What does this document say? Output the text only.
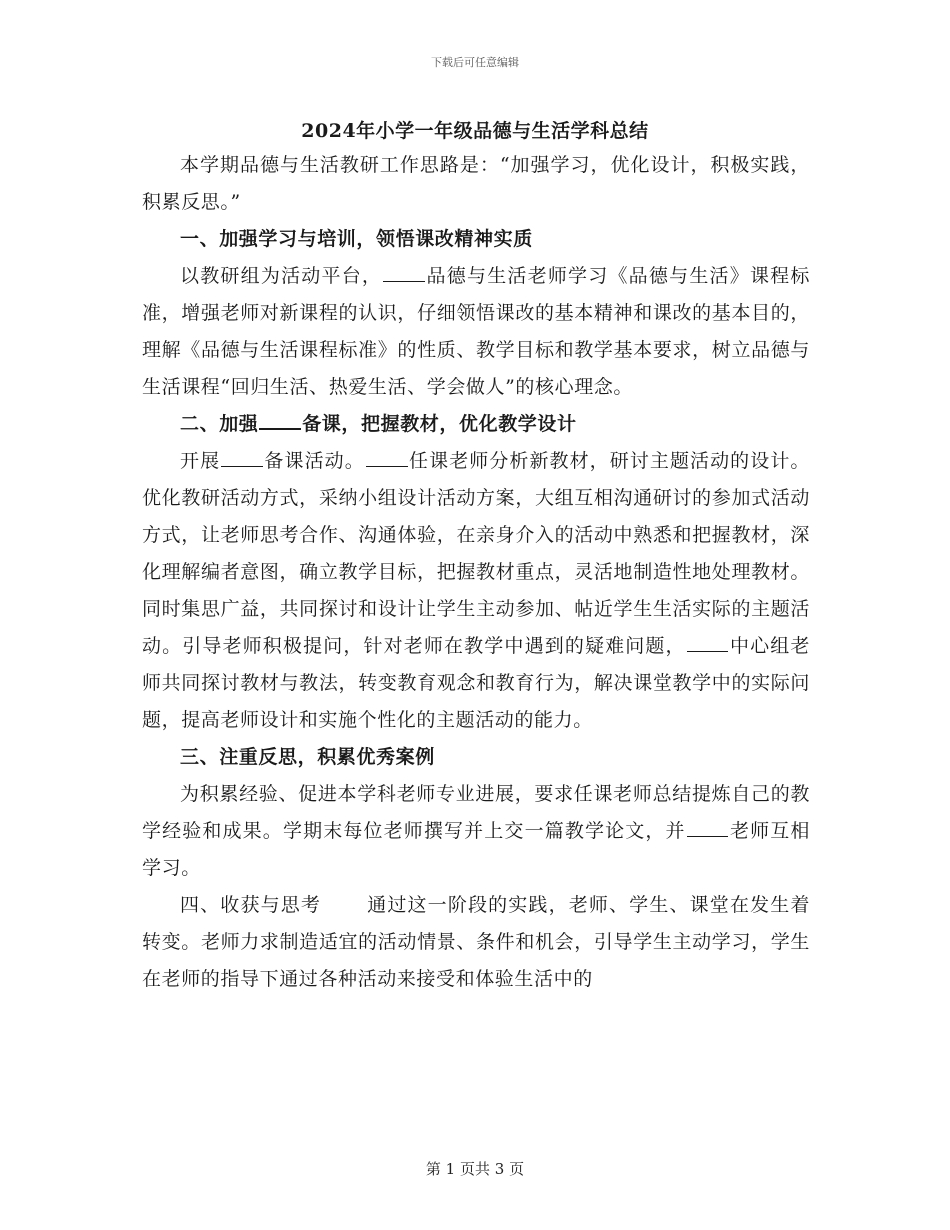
下载后可任意编辑
2024年小学一年级品德与生活学科总结

本学期品德与生活教研工作思路是：“加强学习，优化设计，积极实践，积累反思。”

一、加强学习与培训，领悟课改精神实质

以教研组为活动平台， 品德与生活老师学习《品德与生活》课程标准，增强老师对新课程的认识，仔细领悟课改的基本精神和课改的基本目的，理解《品德与生活课程标准》的性质、教学目标和教学基本要求，树立品德与生活课程“回归生活、热爱生活、学会做人”的核心理念。

二、加强 备课，把握教材，优化教学设计

开展 备课活动。 任课老师分析新教材，研讨主题活动的设计。优化教研活动方式，采纳小组设计活动方案，大组互相沟通研讨的参加式活动方式，让老师思考合作、沟通体验，在亲身介入的活动中熟悉和把握教材，深化理解编者意图，确立教学目标，把握教材重点，灵活地制造性地处理教材。同时集思广益，共同探讨和设计让学生主动参加、帖近学生生活实际的主题活动。引导老师积极提问，针对老师在教学中遇到的疑难问题， 中心组老师共同探讨教材与教法，转变教育观念和教育行为，解决课堂教学中的实际问题，提高老师设计和实施个性化的主题活动的能力。

三、注重反思，积累优秀案例

为积累经验、促进本学科老师专业进展，要求任课老师总结提炼自己的教学经验和成果。学期末每位老师撰写并上交一篇教学论文，并 老师互相学习。

四、收获与思考 通过这一阶段的实践，老师、学生、课堂在发生着转变。老师力求制造适宜的活动情景、条件和机会，引导学生主动学习，学生在老师的指导下通过各种活动来接受和体验生活中的

第 1 页共 3 页
